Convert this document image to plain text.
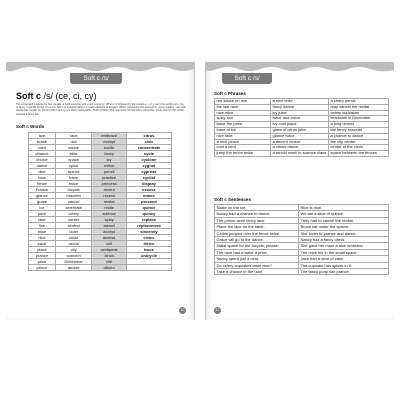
Soft c /s/
Soft c /s/ (ce, ci, cy)
The consonant c stands for two sounds: a hard sound /k/ and a soft sound /s/. When c is followed by the vowels e, i, or y, as in the words cent, city, or fancy, it stands for the /s/ sound. Soft c is a useful pattern to teach students of all ages. When introducing this concept to young readers, start with words that contain ce. Words with ci and cy are often multisyllabic. Teach children this mnemonic to help them remember: Cindy went to the center wearing a fancy hat.
Soft c Words
ace	race	embrace	citrus
brace	rice	except	civic
cent	sauce	excite	concentrate
chance	slice	fancy	cycle
choice	space	icy	cyclone
dance	spice	notice	cygnet
dice	spruce	pencil	cypress
face	trace	practice	cyclist
fence	twice	princess	display
France	bicycle	recent	excess
glance	bracelet	recess	mince
grace	cancel	recital	proceed
ice	celebrate	recite	quince
juice	celery	science	quincy
lace	center	spicy	replace
lice	central	stencil	replacement
mice	cider	accept	sincerely
nice	circle	access	civics
pace	circus	cell	thrice
place	city	centipede	truce
prance	concern	cinch	unicycle
price	December	cite	
prince	decide	citizen	
12
Soft c /s/
Soft c Phrases
red sauce on rice	a nice child	a sharp pencil
the last race	fancy dance	may cancel the recital
nice mice	icy juice	celery cupcakes
spicy rice	twice and thrice	celebrate in December
twice the price	icy cold place	a long recess
trace of ice	glass of citrus juice	the fancy bracelet
nice face	glance twice	a chance to dance
a nice pencil	a decent choice	the city center
cost a cent	a circus dance	center of the circle
jump the fence twice	a rancid smell in science class	space between the fences
Soft c Sentences
Skate on the ice.	Rice is nice.
Nancy had a chance to dance.	We ate a slice of quince.
The prince wore fancy lace.	They had to cancel the recital.
Place the lace on the table.	Bruce sat under the spruce.
Cedric jumped over the fence twice.	She loves to prance and dance.
Grace will go to the dance.	Nancy has a fancy dress.
Make space for the bicycle, please.	She gave her mom a nice embrace.
The race had a twice a price.	The mice hid in the small space.
Nancy spent just a cent.	Jace had a slice of cake.
Do celery cupcakes taste nice?	The cupcake has spices in it.
Take a chance in the race.	The fancy pony can prance.
13
